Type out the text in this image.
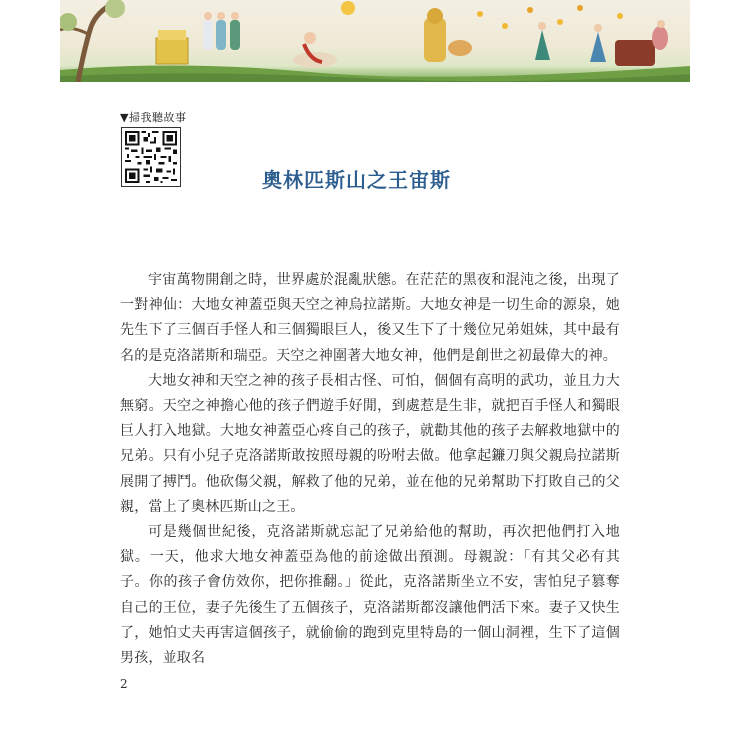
▼掃我聽故事
奧林匹斯山之王宙斯

宇宙萬物開創之時，世界處於混亂狀態。在茫茫的黑夜和混沌之後，出現了一對神仙：大地女神蓋亞與天空之神烏拉諾斯。大地女神是一切生命的源泉，她先生下了三個百手怪人和三個獨眼巨人，後又生下了十幾位兄弟姐妹，其中最有名的是克洛諾斯和瑞亞。天空之神圍著大地女神，他們是創世之初最偉大的神。

大地女神和天空之神的孩子長相古怪、可怕，個個有高明的武功，並且力大無窮。天空之神擔心他的孩子們遊手好閒，到處惹是生非，就把百手怪人和獨眼巨人打入地獄。大地女神蓋亞心疼自己的孩子，就勸其他的孩子去解救地獄中的兄弟。只有小兒子克洛諾斯敢按照母親的吩咐去做。他拿起鐮刀與父親烏拉諾斯展開了搏鬥。他砍傷父親，解救了他的兄弟，並在他的兄弟幫助下打敗自己的父親，當上了奧林匹斯山之王。

可是幾個世紀後，克洛諾斯就忘記了兄弟給他的幫助，再次把他們打入地獄。一天，他求大地女神蓋亞為他的前途做出預測。母親說：「有其父必有其子。你的孩子會仿效你，把你推翻。」從此，克洛諾斯坐立不安，害怕兒子篡奪自己的王位，妻子先後生了五個孩子，克洛諾斯都沒讓他們活下來。妻子又快生了，她怕丈夫再害這個孩子，就偷偷的跑到克里特島的一個山洞裡，生下了這個男孩，並取名

2
